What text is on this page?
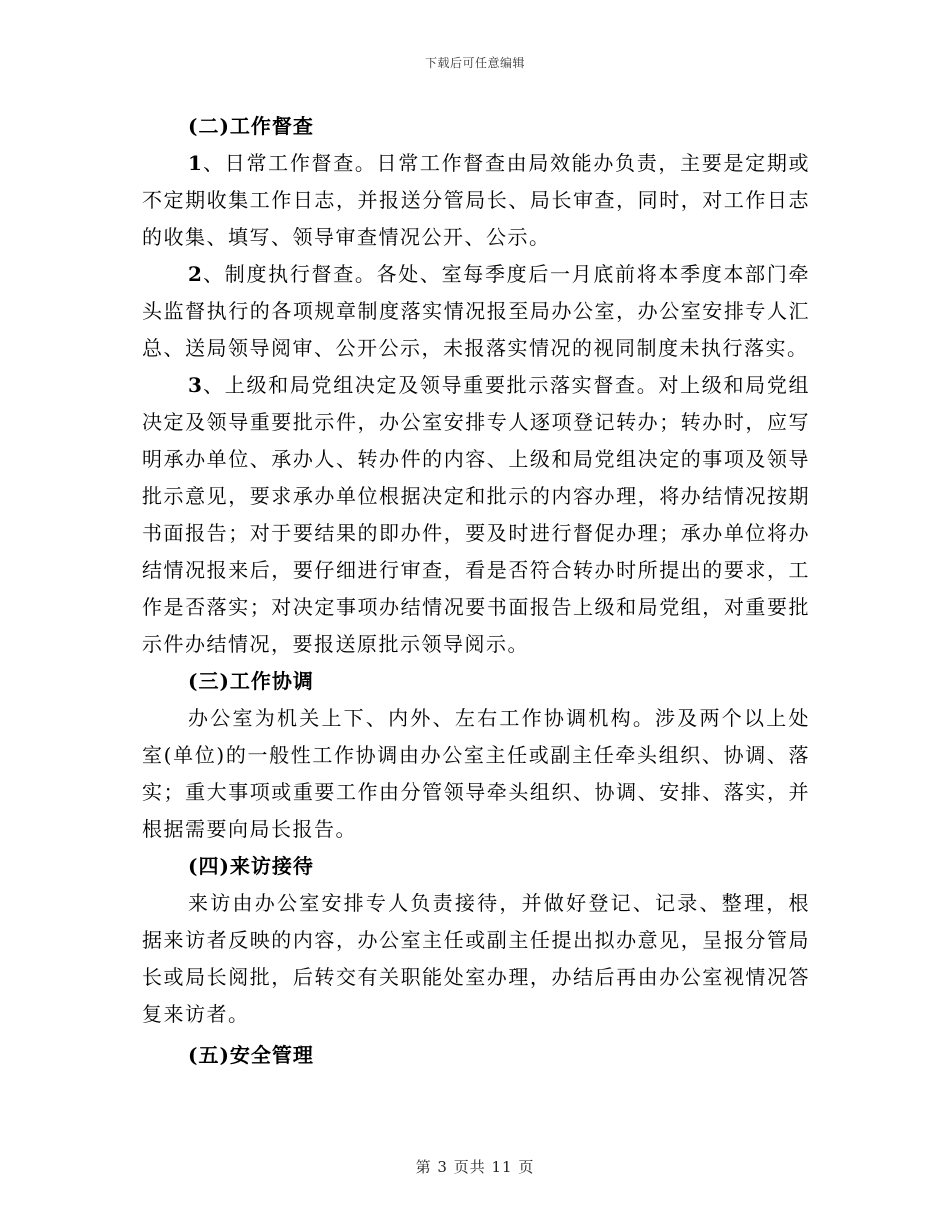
下载后可任意编辑

(二)工作督查

1、日常工作督查。日常工作督查由局效能办负责，主要是定期或不定期收集工作日志，并报送分管局长、局长审查，同时，对工作日志的收集、填写、领导审查情况公开、公示。

2、制度执行督查。各处、室每季度后一月底前将本季度本部门牵头监督执行的各项规章制度落实情况报至局办公室，办公室安排专人汇总、送局领导阅审、公开公示，未报落实情况的视同制度未执行落实。

3、上级和局党组决定及领导重要批示落实督查。对上级和局党组决定及领导重要批示件，办公室安排专人逐项登记转办；转办时，应写明承办单位、承办人、转办件的内容、上级和局党组决定的事项及领导批示意见，要求承办单位根据决定和批示的内容办理，将办结情况按期书面报告；对于要结果的即办件，要及时进行督促办理；承办单位将办结情况报来后，要仔细进行审查，看是否符合转办时所提出的要求，工作是否落实；对决定事项办结情况要书面报告上级和局党组，对重要批示件办结情况，要报送原批示领导阅示。

(三)工作协调

办公室为机关上下、内外、左右工作协调机构。涉及两个以上处室(单位)的一般性工作协调由办公室主任或副主任牵头组织、协调、落实；重大事项或重要工作由分管领导牵头组织、协调、安排、落实，并根据需要向局长报告。

(四)来访接待

来访由办公室安排专人负责接待，并做好登记、记录、整理，根据来访者反映的内容，办公室主任或副主任提出拟办意见，呈报分管局长或局长阅批，后转交有关职能处室办理，办结后再由办公室视情况答复来访者。

(五)安全管理

第 3 页共 11 页
